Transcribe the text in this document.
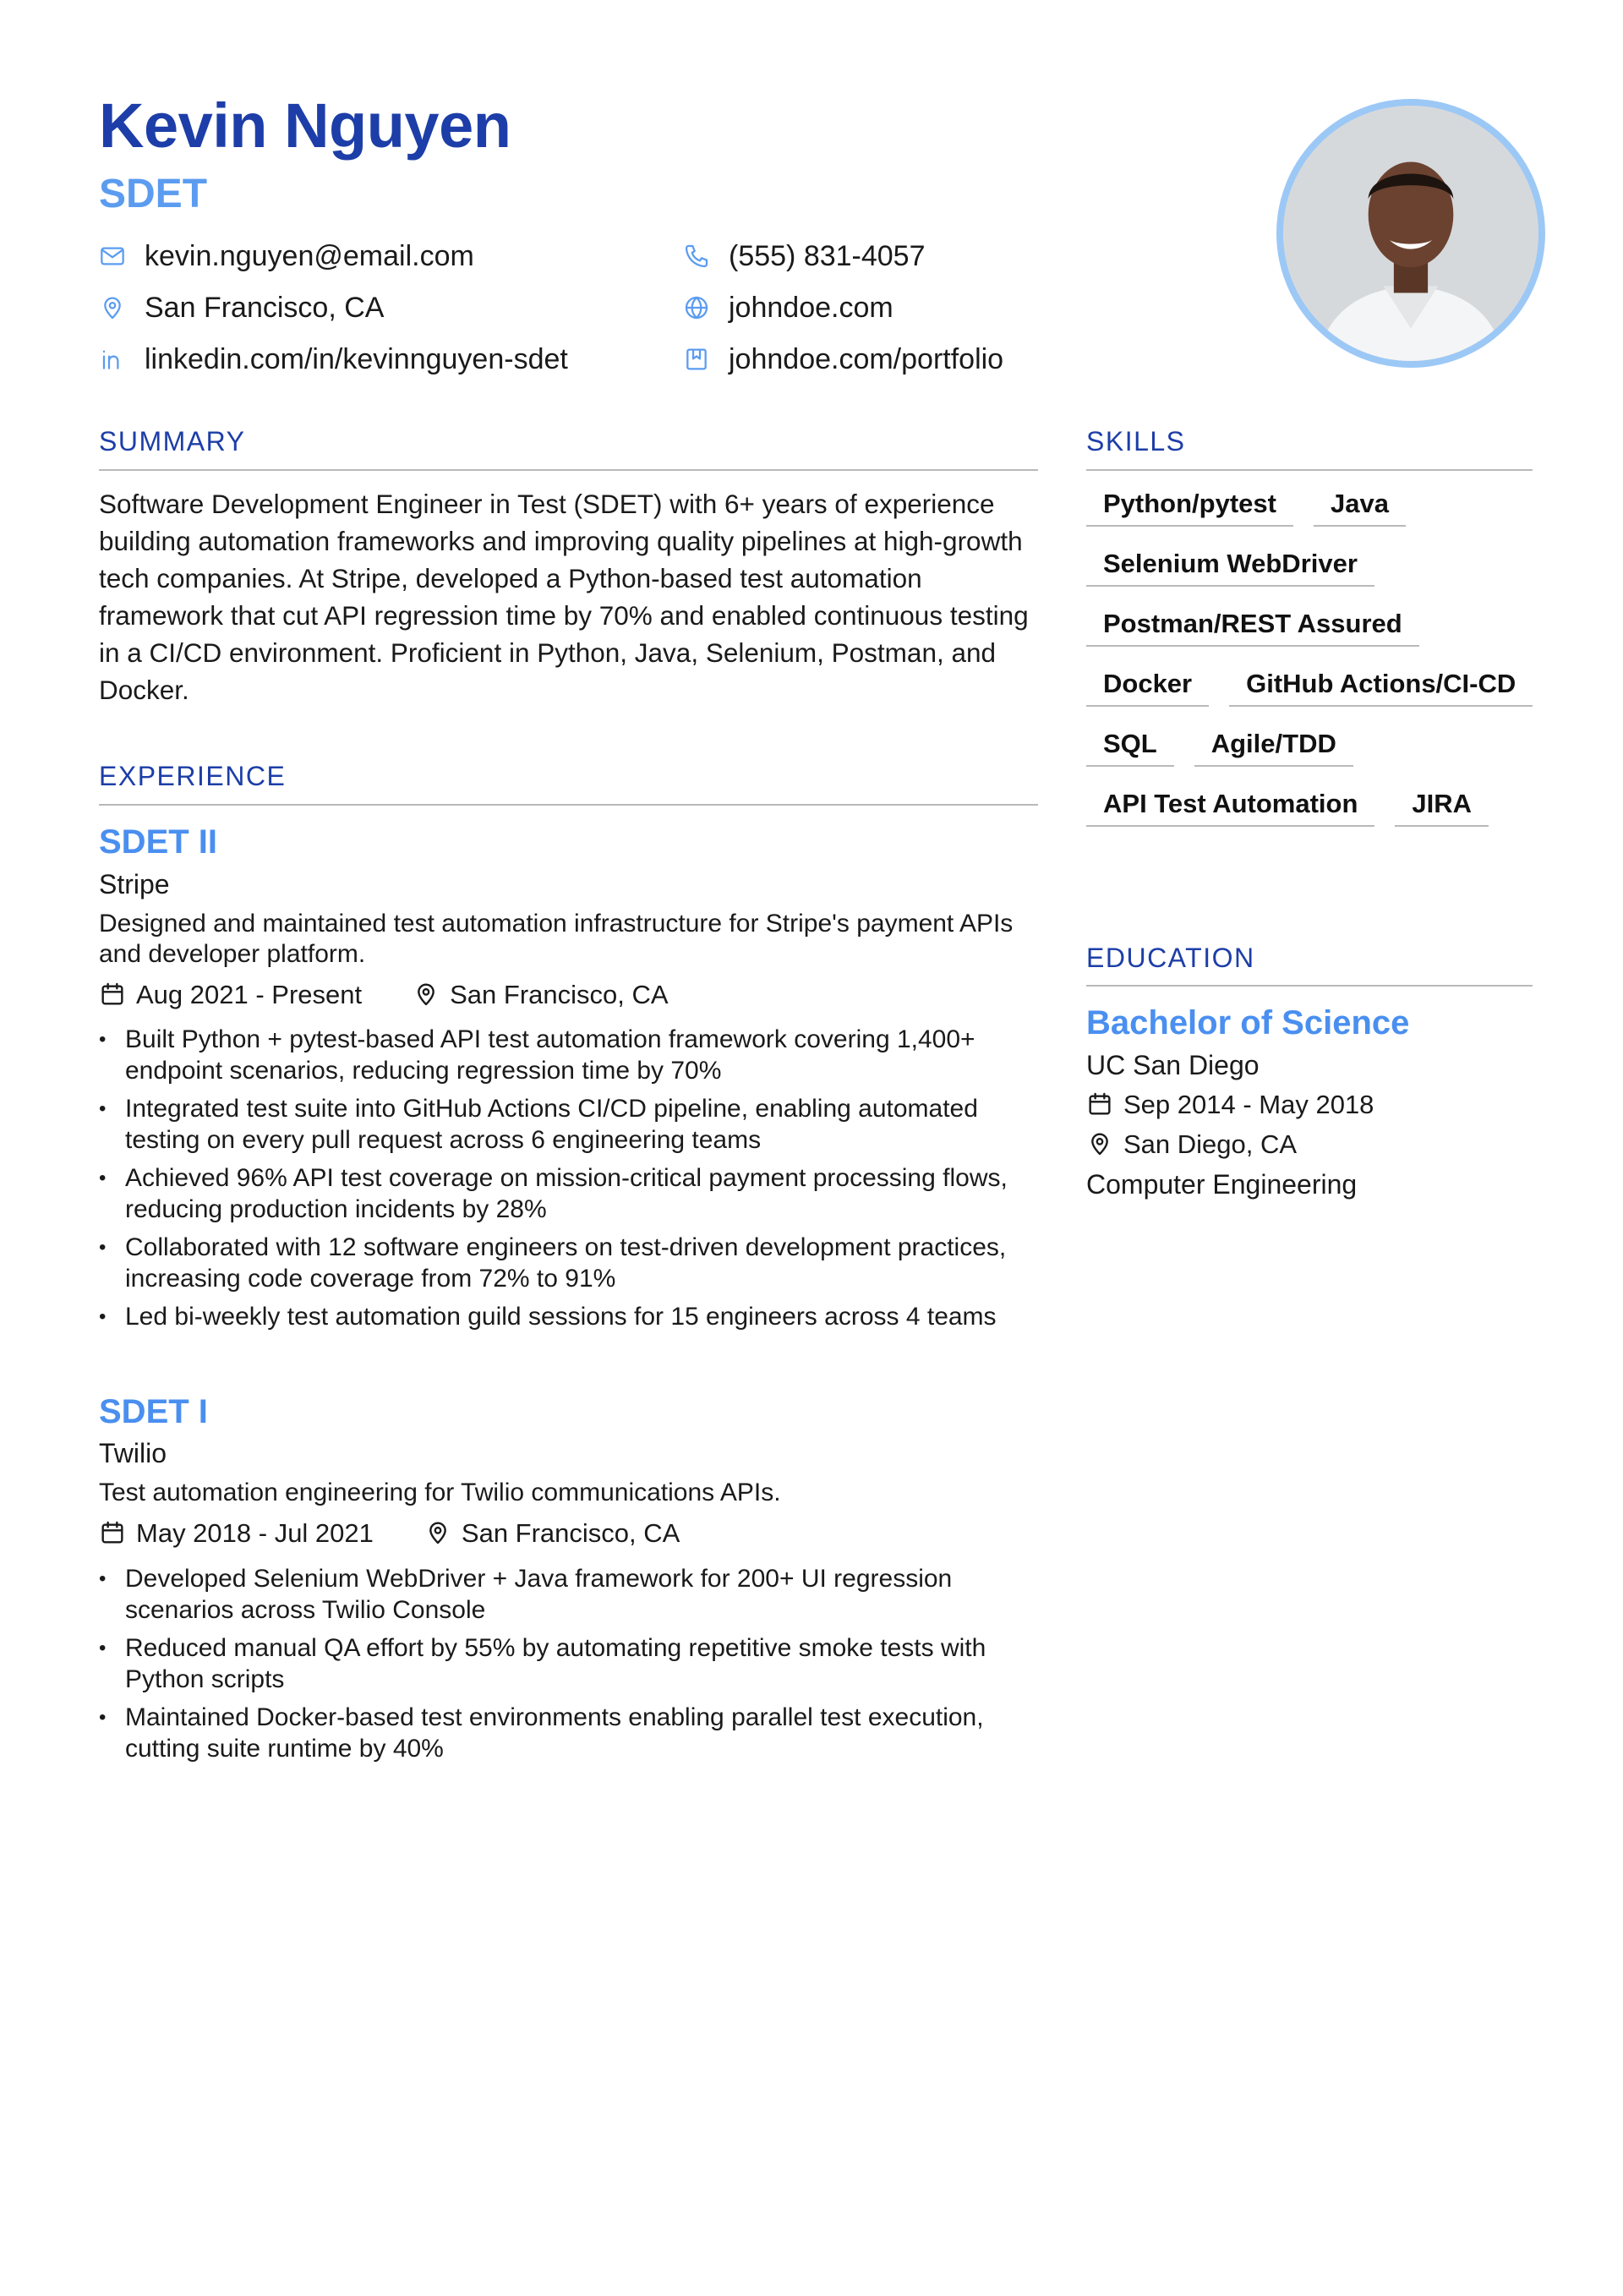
Kevin Nguyen
SDET
kevin.nguyen@email.com	(555) 831-4057
San Francisco, CA	johndoe.com
linkedin.com/in/kevinnguyen-sdet	johndoe.com/portfolio
SUMMARY
Software Development Engineer in Test (SDET) with 6+ years of experience building automation frameworks and improving quality pipelines at high-growth tech companies. At Stripe, developed a Python-based test automation framework that cut API regression time by 70% and enabled continuous testing in a CI/CD environment. Proficient in Python, Java, Selenium, Postman, and Docker.
EXPERIENCE
SDET II
Stripe
Designed and maintained test automation infrastructure for Stripe's payment APIs and developer platform.
Aug 2021 - Present	San Francisco, CA
• Built Python + pytest-based API test automation framework covering 1,400+ endpoint scenarios, reducing regression time by 70%
• Integrated test suite into GitHub Actions CI/CD pipeline, enabling automated testing on every pull request across 6 engineering teams
• Achieved 96% API test coverage on mission-critical payment processing flows, reducing production incidents by 28%
• Collaborated with 12 software engineers on test-driven development practices, increasing code coverage from 72% to 91%
• Led bi-weekly test automation guild sessions for 15 engineers across 4 teams
SDET I
Twilio
Test automation engineering for Twilio communications APIs.
May 2018 - Jul 2021	San Francisco, CA
• Developed Selenium WebDriver + Java framework for 200+ UI regression scenarios across Twilio Console
• Reduced manual QA effort by 55% by automating repetitive smoke tests with Python scripts
• Maintained Docker-based test environments enabling parallel test execution, cutting suite runtime by 40%
SKILLS
Python/pytest	Java
Selenium WebDriver
Postman/REST Assured
Docker	GitHub Actions/CI-CD
SQL	Agile/TDD
API Test Automation	JIRA
EDUCATION
Bachelor of Science
UC San Diego
Sep 2014 - May 2018
San Diego, CA
Computer Engineering
